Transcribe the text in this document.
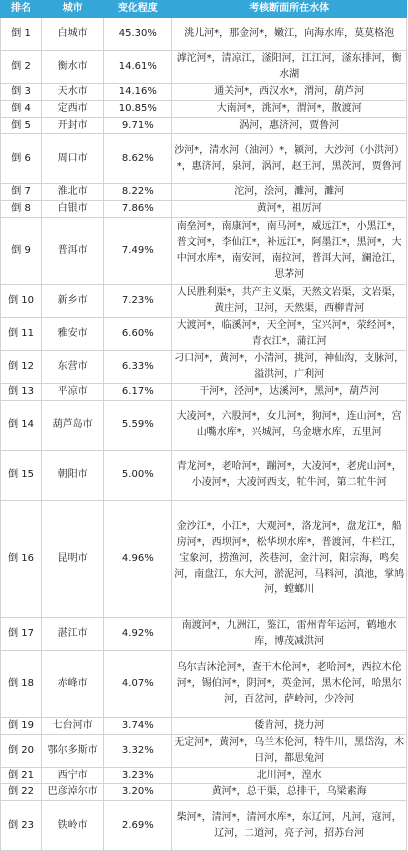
排名	城市	变化程度	考核断面所在水体
倒 1	白城市	45.30%	洮儿河*，那金河*，嫩江，向海水库，莫莫格泡
倒 2	衡水市	14.61%	滹沱河*，清凉江，滏阳河，江江河，滏东排河，衡水湖
倒 3	天水市	14.16%	通关河*，西汉水*，渭河，葫芦河
倒 4	定西市	10.85%	大南河*，洮河*，渭河*，散渡河
倒 5	开封市	9.71%	涡河，惠济河，贾鲁河
倒 6	周口市	8.62%	沙河*，清水河（油河）*，颍河，大沙河（小洪河）*，惠济河，泉河，涡河，赵王河，黑茨河，贾鲁河
倒 7	淮北市	8.22%	沱河，浍河，濉河，濉河
倒 8	白银市	7.86%	黄河*，祖厉河
倒 9	普洱市	7.49%	南垒河*，南康河*，南马河*，威远江*，小黑江*，普文河*，李仙江*，补远江*，阿墨江*，黑河*，大中河水库*，南安河，南拉河，普洱大河，澜沧江，思茅河
倒 10	新乡市	7.23%	人民胜利渠*，共产主义渠，天然文岩渠，文岩渠，黄庄河，卫河，天然渠，西柳青河
倒 11	雅安市	6.60%	大渡河*，临溪河*，天全河*，宝兴河*，荥经河*，青衣江*，蒲江河
倒 12	东营市	6.33%	刁口河*，黄河*，小清河，挑河，神仙沟，支脉河，溢洪河，广利河
倒 13	平凉市	6.17%	干河*，泾河*，达溪河*，黑河*，葫芦河
倒 14	葫芦岛市	5.59%	大凌河*，六股河*，女儿河*，狗河*，连山河*，宫山嘴水库*，兴城河，乌金塘水库，五里河
倒 15	朝阳市	5.00%	青龙河*，老哈河*，蹦河*，大凌河*，老虎山河*，小凌河*，大凌河西支，牤牛河，第二牤牛河
倒 16	昆明市	4.96%	金沙江*，小江*，大观河*，洛龙河*，盘龙江*，船房河*，西坝河*，松华坝水库*，普渡河，牛栏江，宝象河，捞渔河，茨巷河，金汁河，阳宗海，鸣矣河，南盘江，东大河，淤泥河，马料河，滇池，掌鸠河，螳螂川
倒 17	湛江市	4.92%	南渡河*，九洲江，鉴江，雷州青年运河，鹤地水库，博茂减洪河
倒 18	赤峰市	4.07%	乌尔吉沐沦河*，查干木伦河*，老哈河*，西拉木伦河*，锡伯河*，阴河*，英金河，黑木伦河，哈黑尔河，百岔河，萨岭河，少冷河
倒 19	七台河市	3.74%	倭肯河，挠力河
倒 20	鄂尔多斯市	3.32%	无定河*，黄河*，乌兰木伦河，特牛川，黑岱沟，木日河，都思兔河
倒 21	西宁市	3.23%	北川河*，湟水
倒 22	巴彦淖尔市	3.20%	黄河*，总干渠，总排干，乌梁素海
倒 23	铁岭市	2.69%	柴河*，清河*，清河水库*，东辽河，凡河，寇河，辽河，二道河，亮子河，招苏台河
